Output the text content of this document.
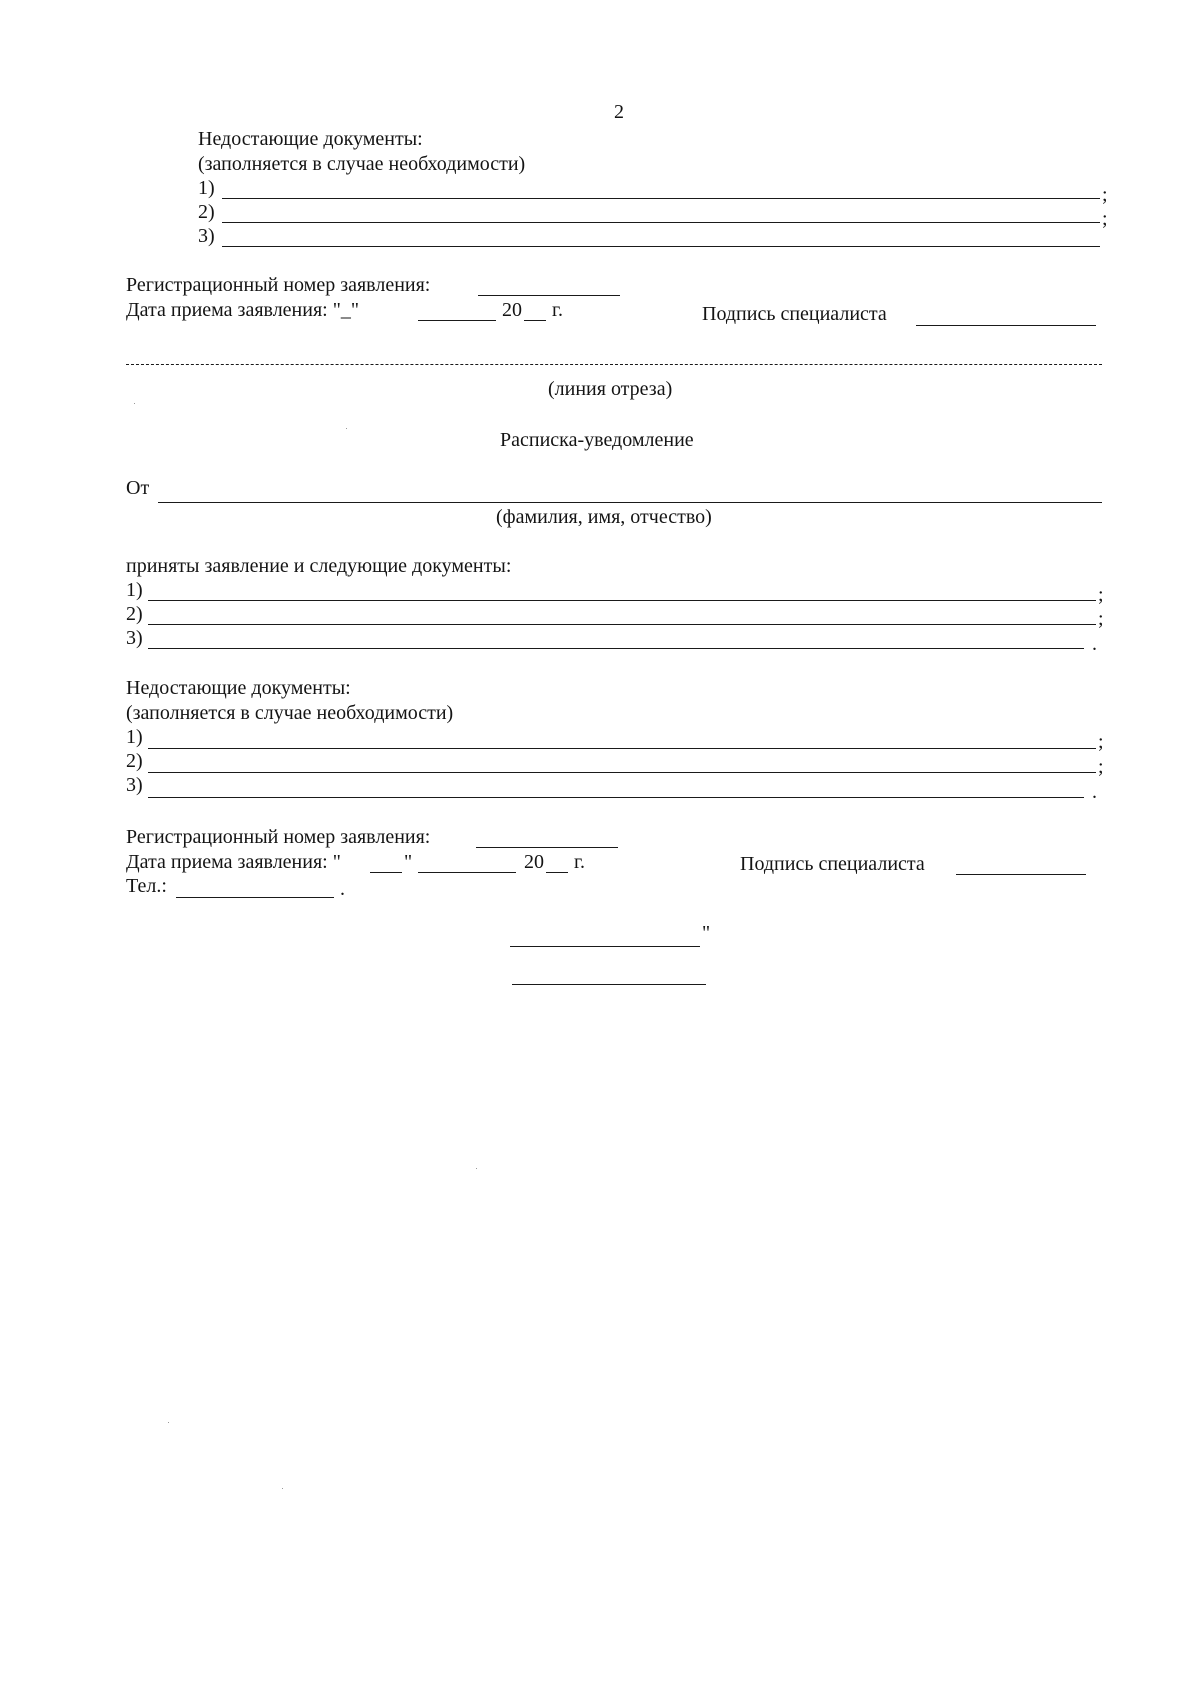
2
Недостающие документы:
(заполняется в случае необходимости)
1)	;
2)	;
3)
Регистрационный номер заявления:
Дата приема заявления: "_"	20 г.	Подпись специалиста
(линия отреза)
Расписка-уведомление
От
(фамилия, имя, отчество)
приняты заявление и следующие документы:
1)	;
2)	;
3)	.
Недостающие документы:
(заполняется в случае необходимости)
1)	;
2)	;
3)	.
Регистрационный номер заявления:
Дата приема заявления: "	"	20 г.	Подпись специалиста
Тел.:	.
"
